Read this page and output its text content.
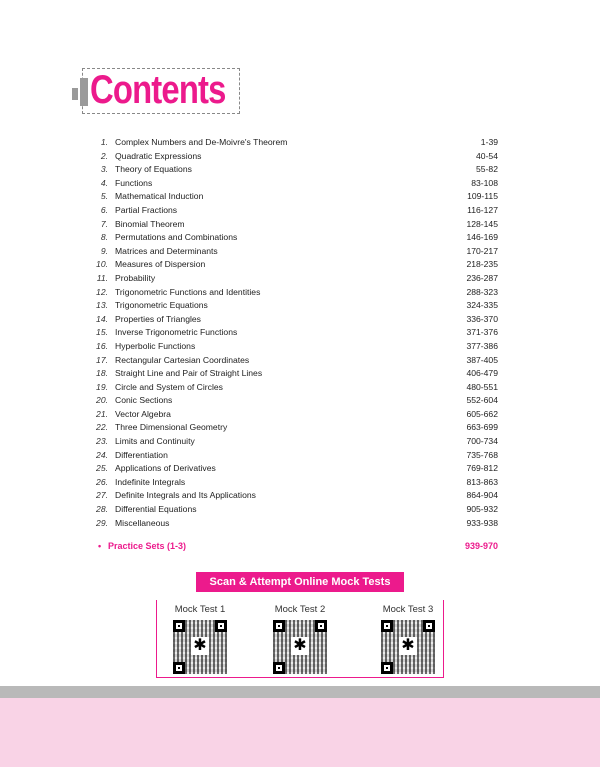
Contents
1. Complex Numbers and De-Moivre's Theorem	1-39
2. Quadratic Expressions	40-54
3. Theory of Equations	55-82
4. Functions	83-108
5. Mathematical Induction	109-115
6. Partial Fractions	116-127
7. Binomial Theorem	128-145
8. Permutations and Combinations	146-169
9. Matrices and Determinants	170-217
10. Measures of Dispersion	218-235
11. Probability	236-287
12. Trigonometric Functions and Identities	288-323
13. Trigonometric Equations	324-335
14. Properties of Triangles	336-370
15. Inverse Trigonometric Functions	371-376
16. Hyperbolic Functions	377-386
17. Rectangular Cartesian Coordinates	387-405
18. Straight Line and Pair of Straight Lines	406-479
19. Circle and System of Circles	480-551
20. Conic Sections	552-604
21. Vector Algebra	605-662
22. Three Dimensional Geometry	663-699
23. Limits and Continuity	700-734
24. Differentiation	735-768
25. Applications of Derivatives	769-812
26. Indefinite Integrals	813-863
27. Definite Integrals and Its Applications	864-904
28. Differential Equations	905-932
29. Miscellaneous	933-938
• Practice Sets (1-3)	939-970
Scan & Attempt Online Mock Tests
Mock Test 1
✱
Mock Test 2
✱
Mock Test 3
✱
